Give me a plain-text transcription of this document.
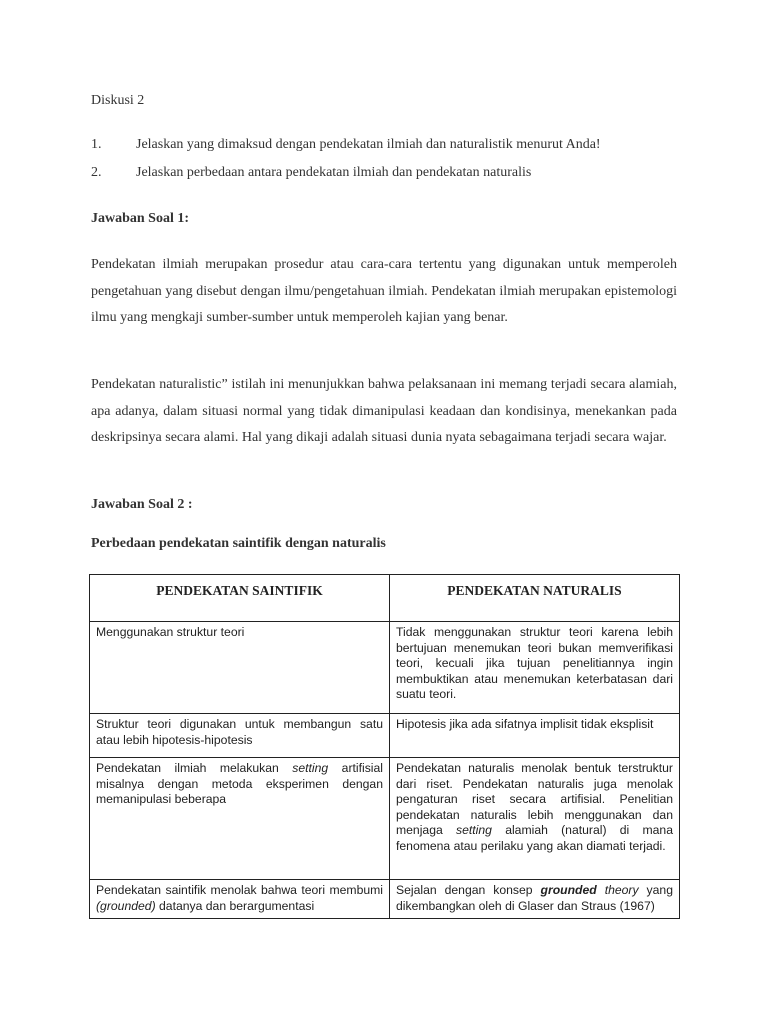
Diskusi 2
1. Jelaskan yang dimaksud dengan pendekatan ilmiah dan naturalistik menurut Anda!
2. Jelaskan perbedaan antara pendekatan ilmiah dan pendekatan naturalis
Jawaban Soal 1:
Pendekatan ilmiah merupakan prosedur atau cara-cara tertentu yang digunakan untuk memperoleh pengetahuan yang disebut dengan ilmu/pengetahuan ilmiah. Pendekatan ilmiah merupakan epistemologi ilmu yang mengkaji sumber-sumber untuk memperoleh kajian yang benar.
Pendekatan naturalistic” istilah ini menunjukkan bahwa pelaksanaan ini memang terjadi secara alamiah, apa adanya, dalam situasi normal yang tidak dimanipulasi keadaan dan kondisinya, menekankan pada deskripsinya secara alami. Hal yang dikaji adalah situasi dunia nyata sebagaimana terjadi secara wajar.
Jawaban Soal 2 :
Perbedaan pendekatan saintifik dengan naturalis
PENDEKATAN SAINTIFIK	PENDEKATAN NATURALIS
Menggunakan struktur teori	Tidak menggunakan struktur teori karena lebih bertujuan menemukan teori bukan memverifikasi teori, kecuali jika tujuan penelitiannya ingin membuktikan atau menemukan keterbatasan dari suatu teori.
Struktur teori digunakan untuk membangun satu atau lebih hipotesis-hipotesis	Hipotesis jika ada sifatnya implisit tidak eksplisit
Pendekatan ilmiah melakukan setting artifisial misalnya dengan metoda eksperimen dengan memanipulasi beberapa	Pendekatan naturalis menolak bentuk terstruktur dari riset. Pendekatan naturalis juga menolak pengaturan riset secara artifisial. Penelitian pendekatan naturalis lebih menggunakan dan menjaga setting alamiah (natural) di mana fenomena atau perilaku yang akan diamati terjadi.
Pendekatan saintifik menolak bahwa teori membumi (grounded) datanya dan berargumentasi	Sejalan dengan konsep grounded theory yang dikembangkan oleh di Glaser dan Straus (1967)
